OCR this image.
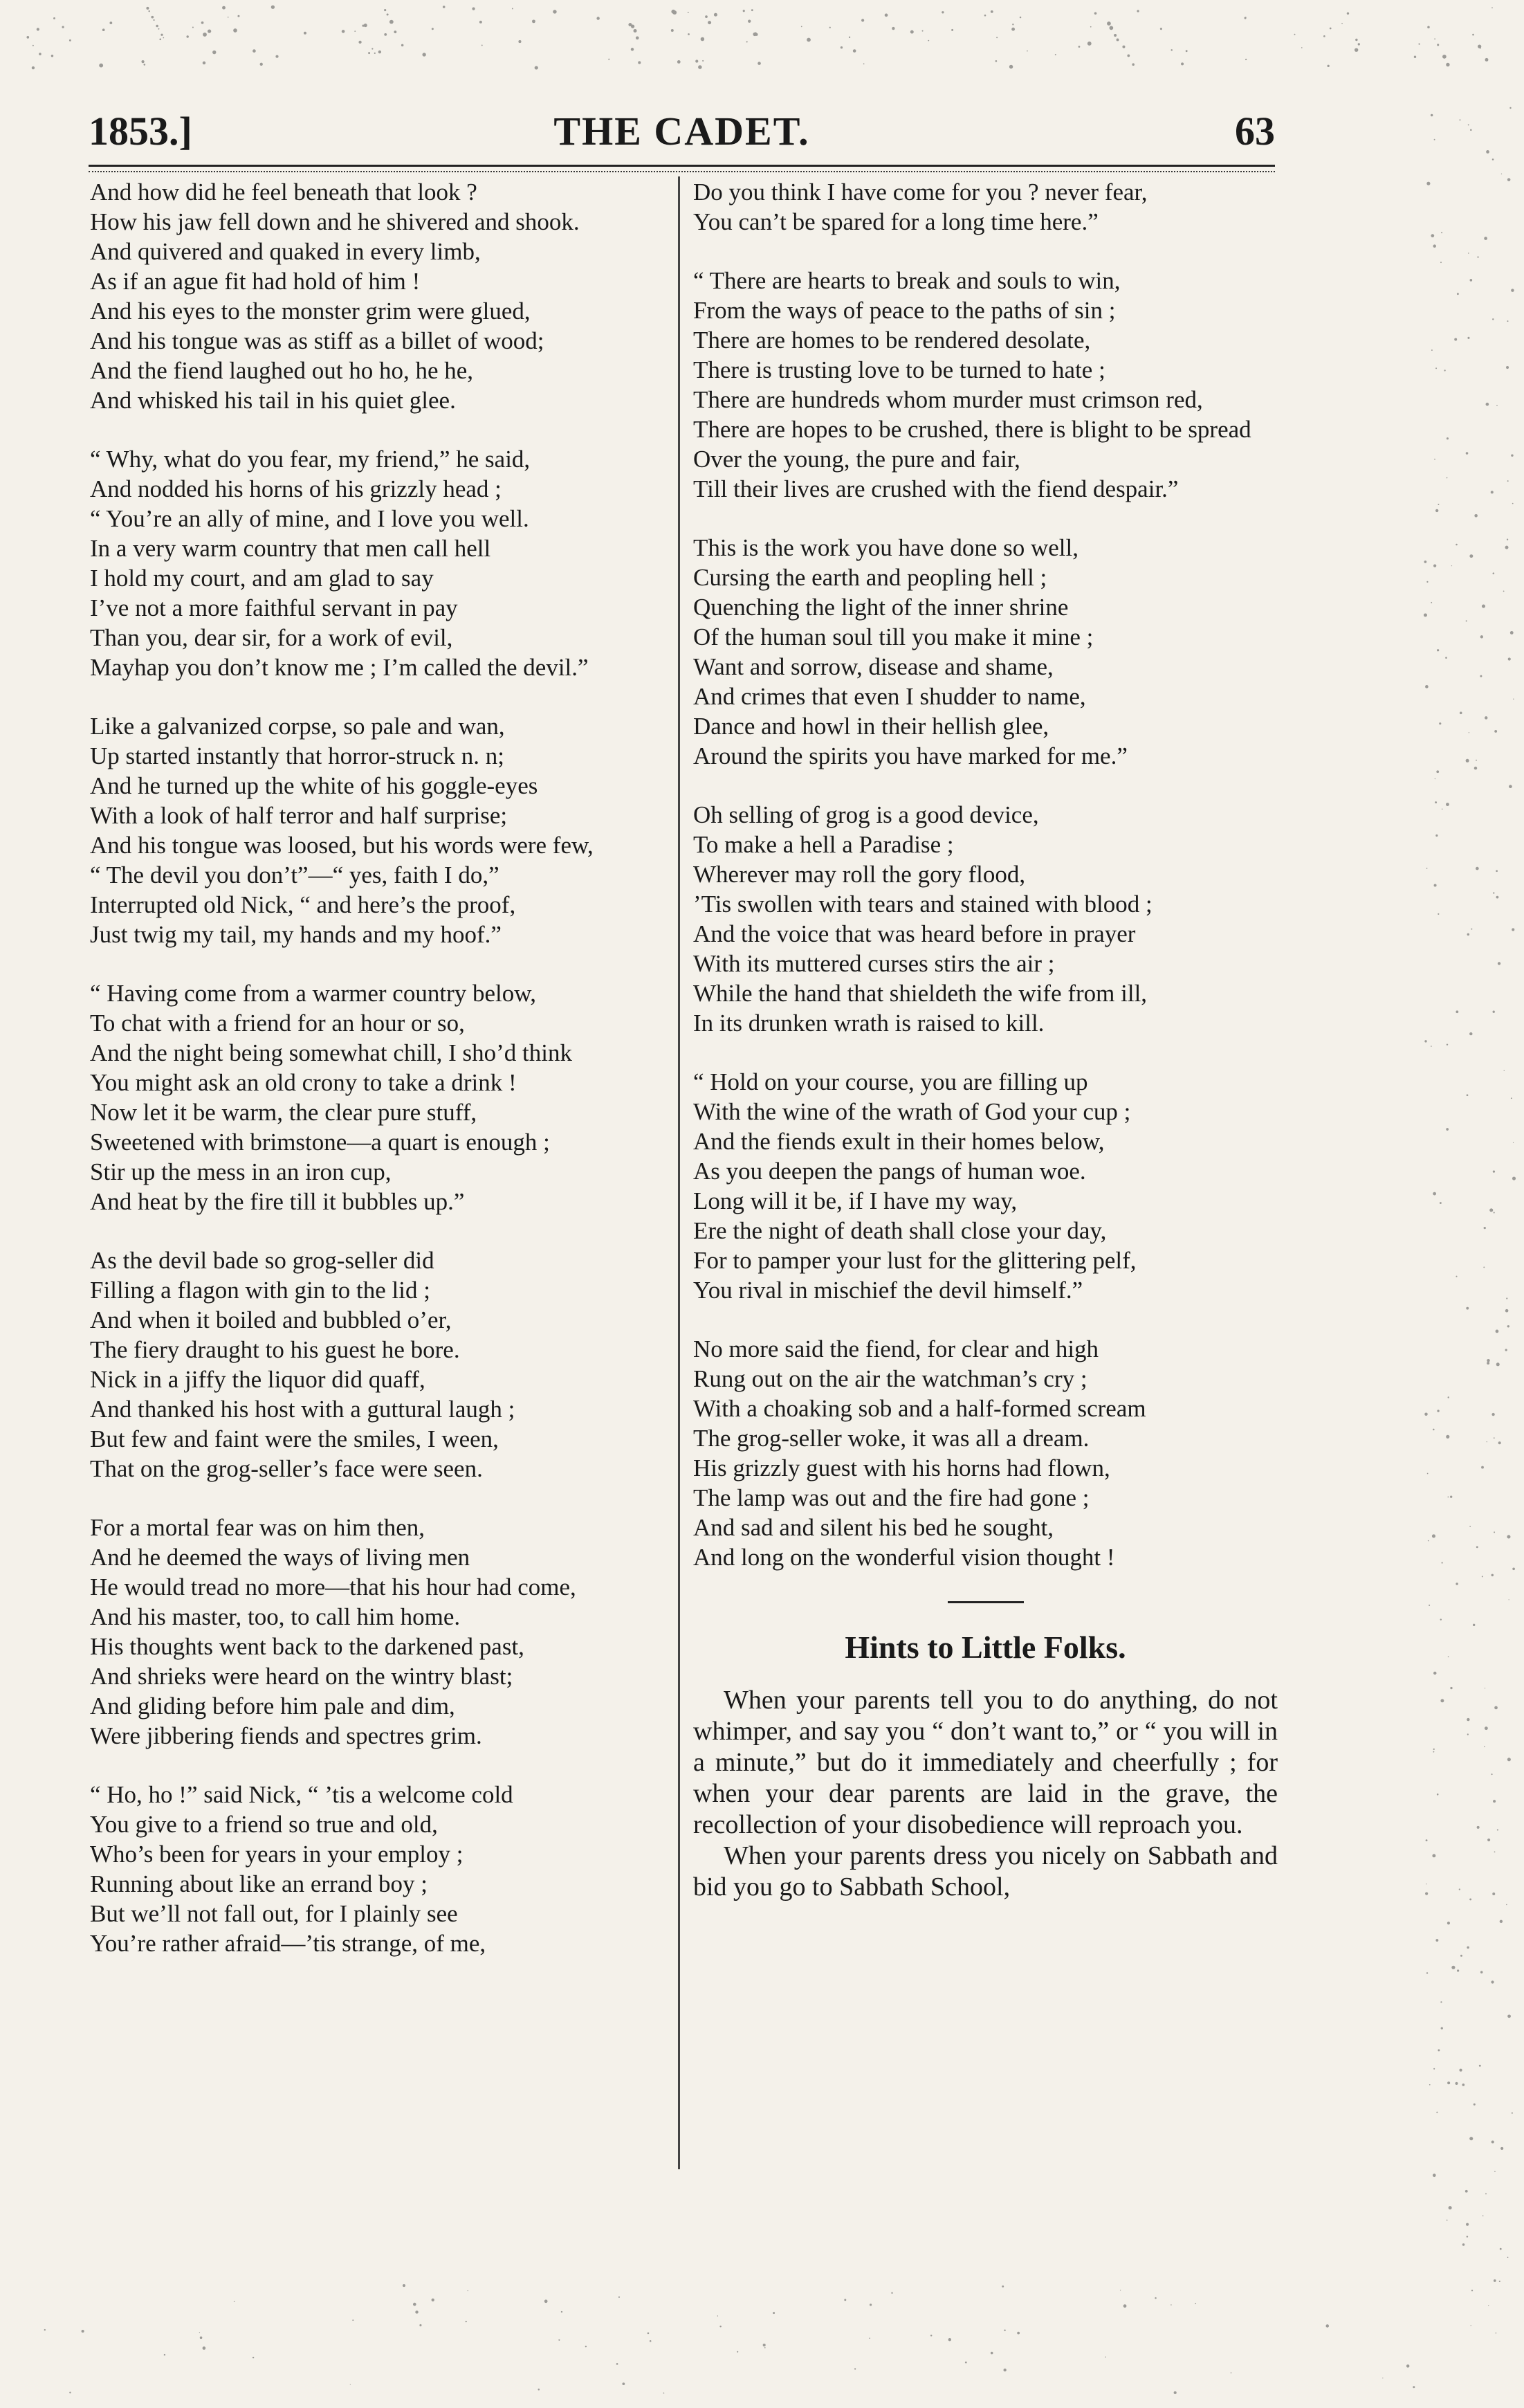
THE CADET.
1853.]	63
And how did he feel beneath that look ?
How his jaw fell down and he shivered and shook.
And quivered and quaked in every limb,
As if an ague fit had hold of him !
And his eyes to the monster grim were glued,
And his tongue was as stiff as a billet of wood;
And the fiend laughed out ho ho, he he,
And whisked his tail in his quiet glee.
“ Why, what do you fear, my friend,” he said,
And nodded his horns of his grizzly head ;
“ You’re an ally of mine, and I love you well.
In a very warm country that men call hell
I hold my court, and am glad to say
I’ve not a more faithful servant in pay
Than you, dear sir, for a work of evil,
Mayhap you don’t know me ; I’m called the devil.”
Like a galvanized corpse, so pale and wan,
Up started instantly that horror-struck n. n;
And he turned up the white of his goggle-eyes
With a look of half terror and half surprise;
And his tongue was loosed, but his words were few,
“ The devil you don’t”—“ yes, faith I do,”
Interrupted old Nick, “ and here’s the proof,
Just twig my tail, my hands and my hoof.”
“ Having come from a warmer country below,
To chat with a friend for an hour or so,
And the night being somewhat chill, I sho’d think
You might ask an old crony to take a drink !
Now let it be warm, the clear pure stuff,
Sweetened with brimstone—a quart is enough ;
Stir up the mess in an iron cup,
And heat by the fire till it bubbles up.”
As the devil bade so grog-seller did
Filling a flagon with gin to the lid ;
And when it boiled and bubbled o’er,
The fiery draught to his guest he bore.
Nick in a jiffy the liquor did quaff,
And thanked his host with a guttural laugh ;
But few and faint were the smiles, I ween,
That on the grog-seller’s face were seen.
For a mortal fear was on him then,
And he deemed the ways of living men
He would tread no more—that his hour had come,
And his master, too, to call him home.
His thoughts went back to the darkened past,
And shrieks were heard on the wintry blast;
And gliding before him pale and dim,
Were jibbering fiends and spectres grim.
“ Ho, ho !” said Nick, “ ’tis a welcome cold
You give to a friend so true and old,
Who’s been for years in your employ ;
Running about like an errand boy ;
But we’ll not fall out, for I plainly see
You’re rather afraid—’tis strange, of me,
Do you think I have come for you ? never fear,
You can’t be spared for a long time here.”
“ There are hearts to break and souls to win,
From the ways of peace to the paths of sin ;
There are homes to be rendered desolate,
There is trusting love to be turned to hate ;
There are hundreds whom murder must crimson red,
There are hopes to be crushed, there is blight to be spread
Over the young, the pure and fair,
Till their lives are crushed with the fiend despair.”
This is the work you have done so well,
Cursing the earth and peopling hell ;
Quenching the light of the inner shrine
Of the human soul till you make it mine ;
Want and sorrow, disease and shame,
And crimes that even I shudder to name,
Dance and howl in their hellish glee,
Around the spirits you have marked for me.”
Oh selling of grog is a good device,
To make a hell a Paradise ;
Wherever may roll the gory flood,
’Tis swollen with tears and stained with blood ;
And the voice that was heard before in prayer
With its muttered curses stirs the air ;
While the hand that shieldeth the wife from ill,
In its drunken wrath is raised to kill.
“ Hold on your course, you are filling up
With the wine of the wrath of God your cup ;
And the fiends exult in their homes below,
As you deepen the pangs of human woe.
Long will it be, if I have my way,
Ere the night of death shall close your day,
For to pamper your lust for the glittering pelf,
You rival in mischief the devil himself.”
No more said the fiend, for clear and high
Rung out on the air the watchman’s cry ;
With a choaking sob and a half-formed scream
The grog-seller woke, it was all a dream.
His grizzly guest with his horns had flown,
The lamp was out and the fire had gone ;
And sad and silent his bed he sought,
And long on the wonderful vision thought !
Hints to Little Folks.

When your parents tell you to do anything, do not whimper, and say you “ don’t want to,” or “ you will in a minute,” but do it immediately and cheerfully ; for when your dear parents are laid in the grave, the recollection of your disobedience will reproach you.

When your parents dress you nicely on Sabbath and bid you go to Sabbath School,
